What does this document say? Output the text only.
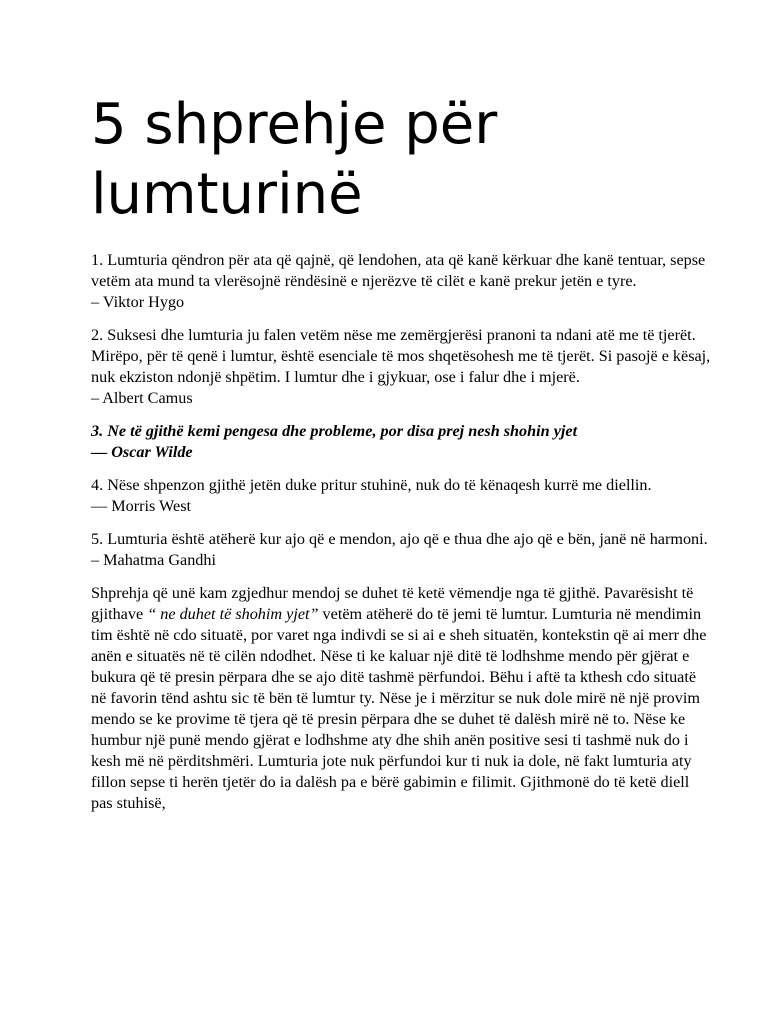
5 shprehje për lumturinë

1. Lumturia qëndron për ata që qajnë, që lendohen, ata që kanë kërkuar dhe kanë tentuar, sepse vetëm ata mund ta vlerësojnë rëndësinë e njerëzve të cilët e kanë prekur jetën e tyre.
– Viktor Hygo

2. Suksesi dhe lumturia ju falen vetëm nëse me zemërgjerësi pranoni ta ndani atë me të tjerët. Mirëpo, për të qenë i lumtur, është esenciale të mos shqetësohesh me të tjerët. Si pasojë e kësaj, nuk ekziston ndonjë shpëtim. I lumtur dhe i gjykuar, ose i falur dhe i mjerë.
– Albert Camus

3. Ne të gjithë kemi pengesa dhe probleme, por disa prej nesh shohin yjet
— Oscar Wilde

4. Nëse shpenzon gjithë jetën duke pritur stuhinë, nuk do të kënaqesh kurrë me diellin.
— Morris West

5. Lumturia është atëherë kur ajo që e mendon, ajo që e thua dhe ajo që e bën, janë në harmoni.
– Mahatma Gandhi

Shprehja që unë kam zgjedhur mendoj se duhet të ketë vëmendje nga të gjithë. Pavarësisht të gjithave “ ne duhet të shohim yjet” vetëm atëherë do të jemi të lumtur. Lumturia në mendimin tim është në cdo situatë, por varet nga indivdi se si ai e sheh situatën, kontekstin që ai merr dhe anën e situatës në të cilën ndodhet. Nëse ti ke kaluar një ditë të lodhshme mendo për gjërat e bukura që të presin përpara dhe se ajo ditë tashmë përfundoi. Bëhu i aftë ta kthesh cdo situatë në favorin tënd ashtu sic të bën të lumtur ty. Nëse je i mërzitur se nuk dole mirë në një provim mendo se ke provime të tjera që të presin përpara dhe se duhet të dalësh mirë në to. Nëse ke humbur një punë mendo gjërat e lodhshme aty dhe shih anën positive sesi ti tashmë nuk do i kesh më në përditshmëri. Lumturia jote nuk përfundoi kur ti nuk ia dole, në fakt lumturia aty fillon sepse ti herën tjetër do ia dalësh pa e bërë gabimin e filimit. Gjithmonë do të ketë diell pas stuhisë,
